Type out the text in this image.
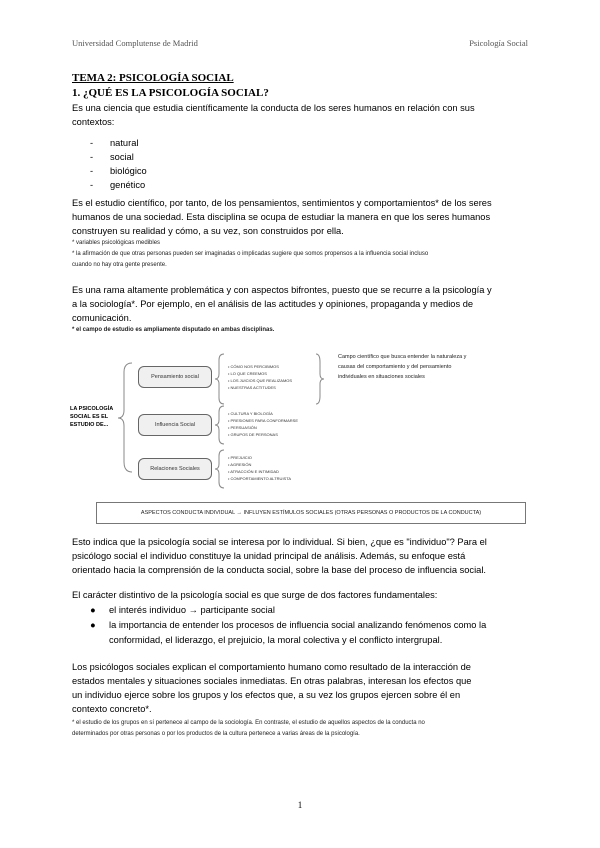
Universidad Complutense de Madrid	Psicología Social
TEMA 2: PSICOLOGÍA SOCIAL
1. ¿QUÉ ES LA PSICOLOGÍA SOCIAL?
Es una ciencia que estudia científicamente la conducta de los seres humanos en relación con sus
contextos:
-	natural
-	social
-	biológico
-	genético
Es el estudio científico, por tanto, de los pensamientos, sentimientos y comportamientos* de los seres
humanos de una sociedad. Esta disciplina se ocupa de estudiar la manera en que los seres humanos
construyen su realidad y cómo, a su vez, son construidos por ella.
* variables psicológicas medibles
* la afirmación de que otras personas pueden ser imaginadas o implicadas sugiere que somos propensos a la influencia social incluso
cuando no hay otra gente presente.
Es una rama altamente problemática y con aspectos bifrontes, puesto que se recurre a la psicología y
a la sociología*. Por ejemplo, en el análisis de las actitudes y opiniones, propaganda y medios de
comunicación.
* el campo de estudio es ampliamente disputado en ambas disciplinas.
LA PSICOLOGÍA
SOCIAL ES EL
ESTUDIO DE...
Pensamiento social
• CÓMO NOS PERCIBIMOS
• LO QUE CREEMOS
• LOS JUICIOS QUE REALIZAMOS
• NUESTRAS ACTITUDES
Influencia Social
• CULTURA Y BIOLOGÍA
• PRESIONES PARA CONFORMARSE
• PERSUASIÓN
• GRUPOS DE PERSONAS
Relaciones Sociales
• PREJUICIO
• AGRESIÓN
• ATRACCIÓN E INTIMIDAD
• COMPORTAMIENTO ALTRUISTA
Campo científico que busca entender la naturaleza y
causas del comportamiento y del pensamiento
individuales en situaciones sociales
ASPECTOS CONDUCTA INDIVIDUAL → INFLUYEN ESTÍMULOS SOCIALES (OTRAS PERSONAS O PRODUCTOS DE LA CONDUCTA)
Esto indica que la psicología social se interesa por lo individual. Si bien, ¿que es "individuo"? Para el
psicólogo social el individuo constituye la unidad principal de análisis. Además, su enfoque está
orientado hacia la comprensión de la conducta social, sobre la base del proceso de influencia social.
El carácter distintivo de la psicología social es que surge de dos factores fundamentales:
●	el interés individuo → participante social
●	la importancia de entender los procesos de influencia social analizando fenómenos como la conformidad, el liderazgo, el prejuicio, la moral colectiva y el conflicto intergrupal.
Los psicólogos sociales explican el comportamiento humano como resultado de la interacción de
estados mentales y situaciones sociales inmediatas. En otras palabras, interesan los efectos que
un individuo ejerce sobre los grupos y los efectos que, a su vez los grupos ejercen sobre él en
contexto concreto*.
* el estudio de los grupos en sí pertenece al campo de la sociología. En contraste, el estudio de aquellos aspectos de la conducta no
determinados por otras personas o por los productos de la cultura pertenece a varias áreas de la psicología.
1
